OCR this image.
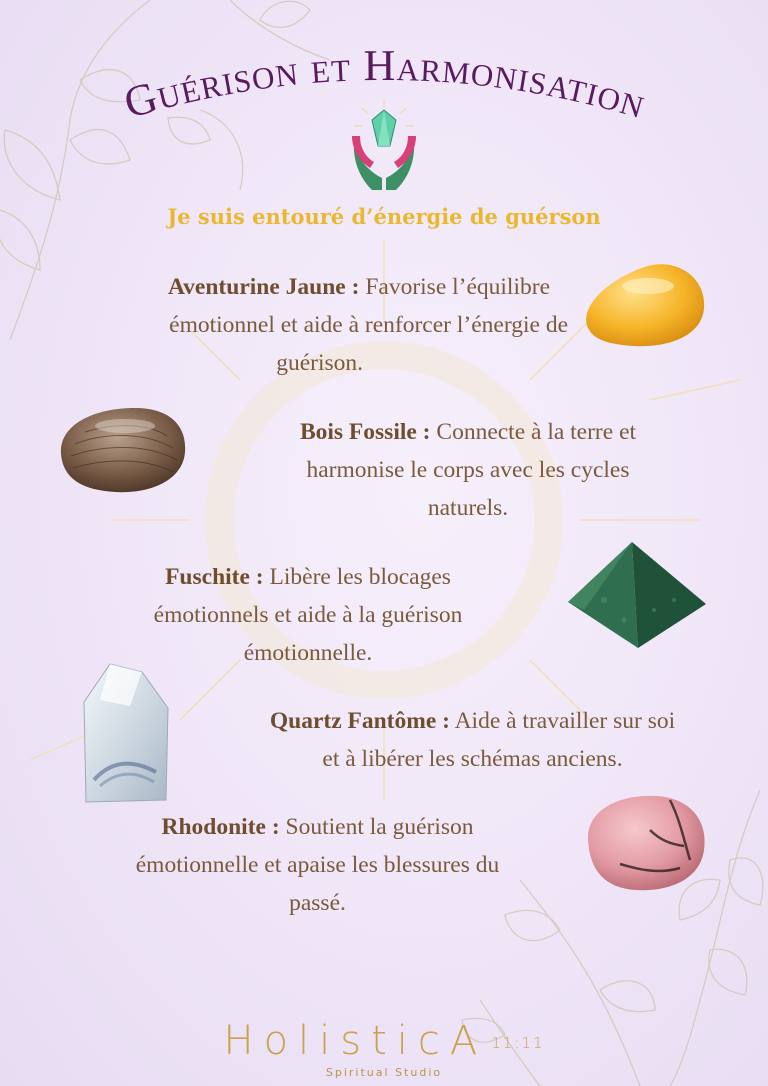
Guérison et Harmonisation
Je suis entouré d’énergie de guérson
Aventurine Jaune : Favorise l’équilibre
émotionnel et aide à renforcer l’énergie de
guérison.
Bois Fossile : Connecte à la terre et
harmonise le corps avec les cycles
naturels.
Fuschite : Libère les blocages
émotionnels et aide à la guérison
émotionnelle.
Quartz Fantôme : Aide à travailler sur soi
et à libérer les schémas anciens.
Rhodonite : Soutient la guérison
émotionnelle et apaise les blessures du
passé.
HolisticA 11:11
Spiritual Studio
